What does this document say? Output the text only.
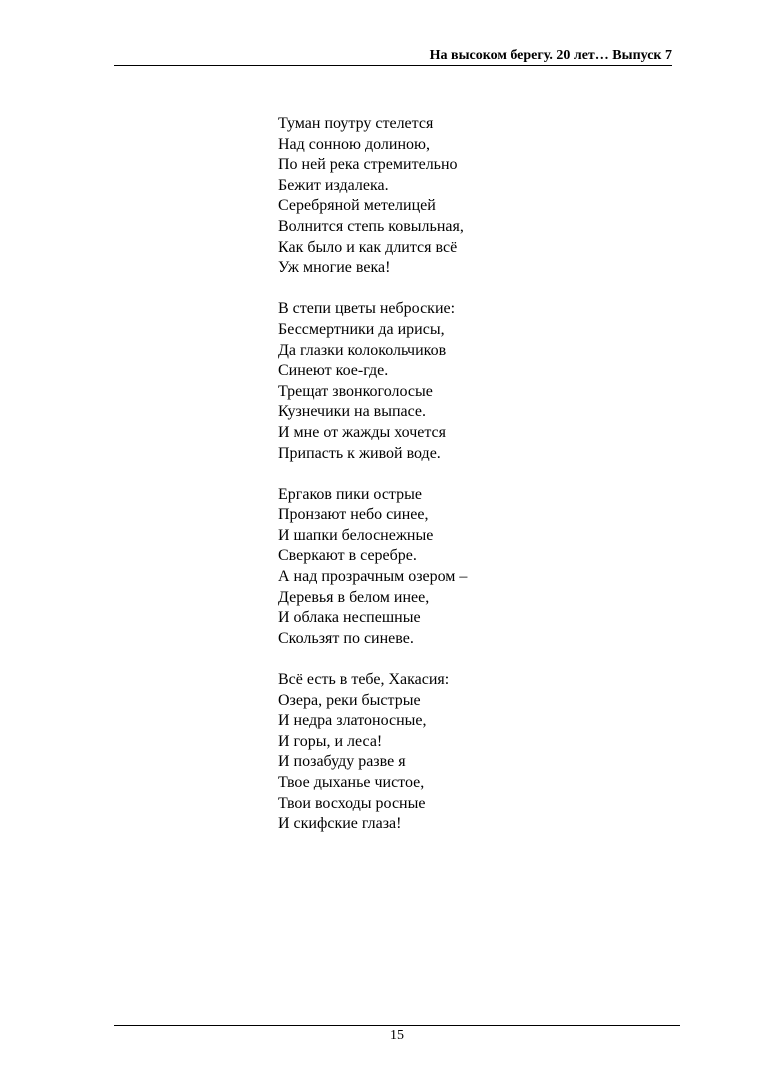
На высоком берегу. 20 лет… Выпуск 7
Туман поутру стелется
Над сонною долиною,
По ней река стремительно
Бежит издалека.
Серебряной метелицей
Волнится степь ковыльная,
Как было и как длится всё
Уж многие века!
В степи цветы неброские:
Бессмертники да ирисы,
Да глазки колокольчиков
Синеют кое-где.
Трещат звонкоголосые
Кузнечики на выпасе.
И мне от жажды хочется
Припасть к живой воде.
Ергаков пики острые
Пронзают небо синее,
И шапки белоснежные
Сверкают в серебре.
А над прозрачным озером –
Деревья в белом инее,
И облака неспешные
Скользят по синеве.
Всё есть в тебе, Хакасия:
Озера, реки быстрые
И недра златоносные,
И горы, и леса!
И позабуду разве я
Твое дыханье чистое,
Твои восходы росные
И скифские глаза!
15
